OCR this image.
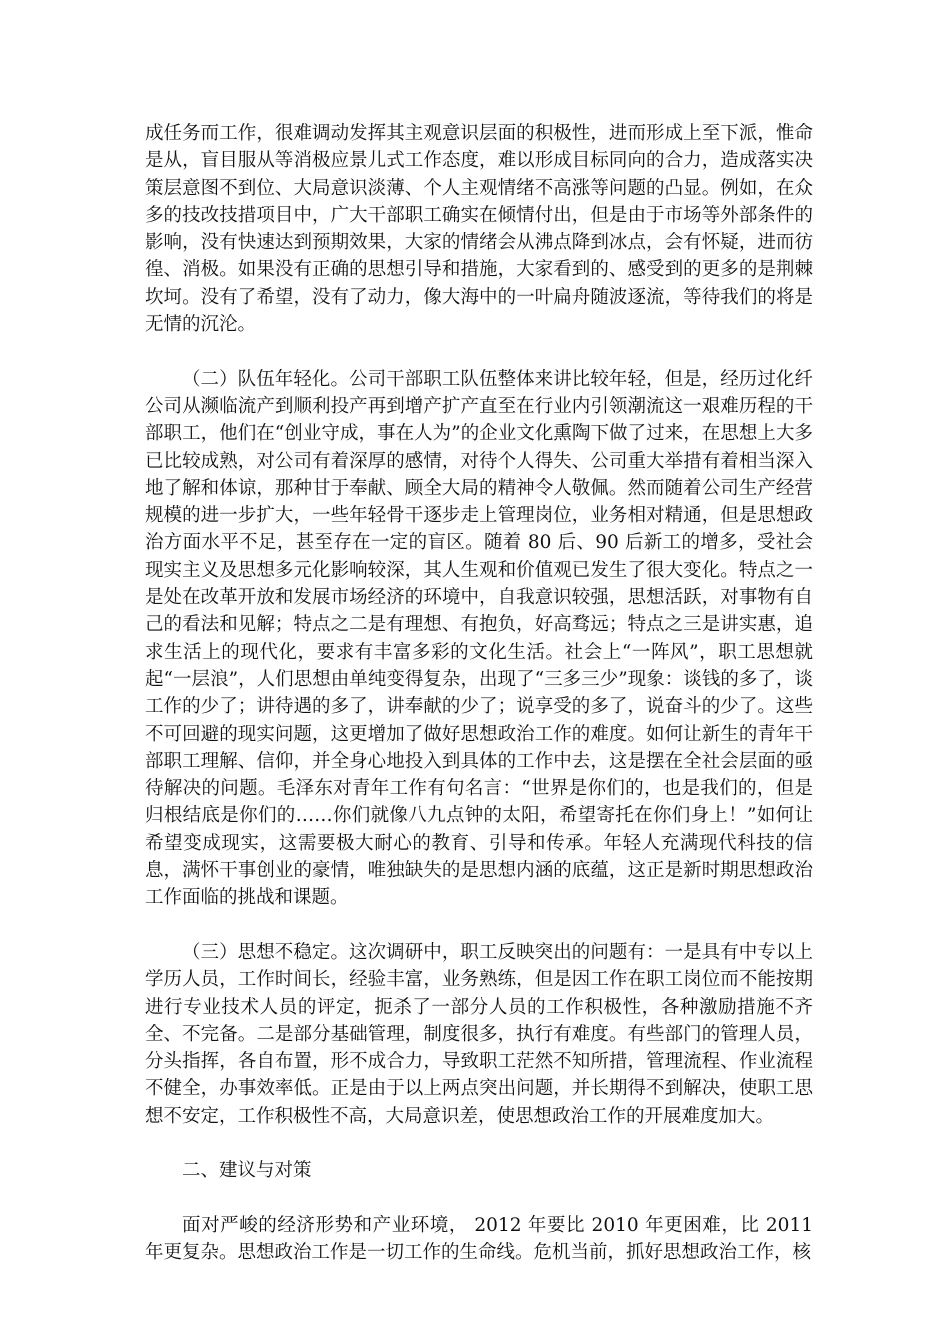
成任务而工作，很难调动发挥其主观意识层面的积极性，进而形成上至下派，惟命是从，盲目服从等消极应景儿式工作态度，难以形成目标同向的合力，造成落实决策层意图不到位、大局意识淡薄、个人主观情绪不高涨等问题的凸显。例如，在众多的技改技措项目中，广大干部职工确实在倾情付出，但是由于市场等外部条件的影响，没有快速达到预期效果，大家的情绪会从沸点降到冰点，会有怀疑，进而彷徨、消极。如果没有正确的思想引导和措施，大家看到的、感受到的更多的是荆棘坎坷。没有了希望，没有了动力，像大海中的一叶扁舟随波逐流，等待我们的将是无情的沉沦。

（二）队伍年轻化。公司干部职工队伍整体来讲比较年轻，但是，经历过化纤公司从濒临流产到顺利投产再到增产扩产直至在行业内引领潮流这一艰难历程的干部职工，他们在“创业守成，事在人为”的企业文化熏陶下做了过来，在思想上大多已比较成熟，对公司有着深厚的感情，对待个人得失、公司重大举措有着相当深入地了解和体谅，那种甘于奉献、顾全大局的精神令人敬佩。然而随着公司生产经营规模的进一步扩大，一些年轻骨干逐步走上管理岗位，业务相对精通，但是思想政治方面水平不足，甚至存在一定的盲区。随着 80 后、90 后新工的增多，受社会现实主义及思想多元化影响较深，其人生观和价值观已发生了很大变化。特点之一是处在改革开放和发展市场经济的环境中，自我意识较强，思想活跃，对事物有自己的看法和见解；特点之二是有理想、有抱负，好高骛远；特点之三是讲实惠，追求生活上的现代化，要求有丰富多彩的文化生活。社会上“一阵风”，职工思想就起“一层浪”，人们思想由单纯变得复杂，出现了“三多三少”现象：谈钱的多了，谈工作的少了；讲待遇的多了，讲奉献的少了；说享受的多了，说奋斗的少了。这些不可回避的现实问题，这更增加了做好思想政治工作的难度。如何让新生的青年干部职工理解、信仰，并全身心地投入到具体的工作中去，这是摆在全社会层面的亟待解决的问题。毛泽东对青年工作有句名言：“世界是你们的，也是我们的，但是归根结底是你们的……你们就像八九点钟的太阳，希望寄托在你们身上！”如何让希望变成现实，这需要极大耐心的教育、引导和传承。年轻人充满现代科技的信息，满怀干事创业的豪情，唯独缺失的是思想内涵的底蕴，这正是新时期思想政治工作面临的挑战和课题。

（三）思想不稳定。这次调研中，职工反映突出的问题有：一是具有中专以上学历人员，工作时间长，经验丰富，业务熟练，但是因工作在职工岗位而不能按期进行专业技术人员的评定，扼杀了一部分人员的工作积极性，各种激励措施不齐全、不完备。二是部分基础管理，制度很多，执行有难度。有些部门的管理人员，分头指挥，各自布置，形不成合力，导致职工茫然不知所措，管理流程、作业流程不健全，办事效率低。正是由于以上两点突出问题，并长期得不到解决，使职工思想不安定，工作积极性不高，大局意识差，使思想政治工作的开展难度加大。

二、建议与对策

面对严峻的经济形势和产业环境， 2012 年要比 2010 年更困难，比 2011 年更复杂。思想政治工作是一切工作的生命线。危机当前，抓好思想政治工作，核
